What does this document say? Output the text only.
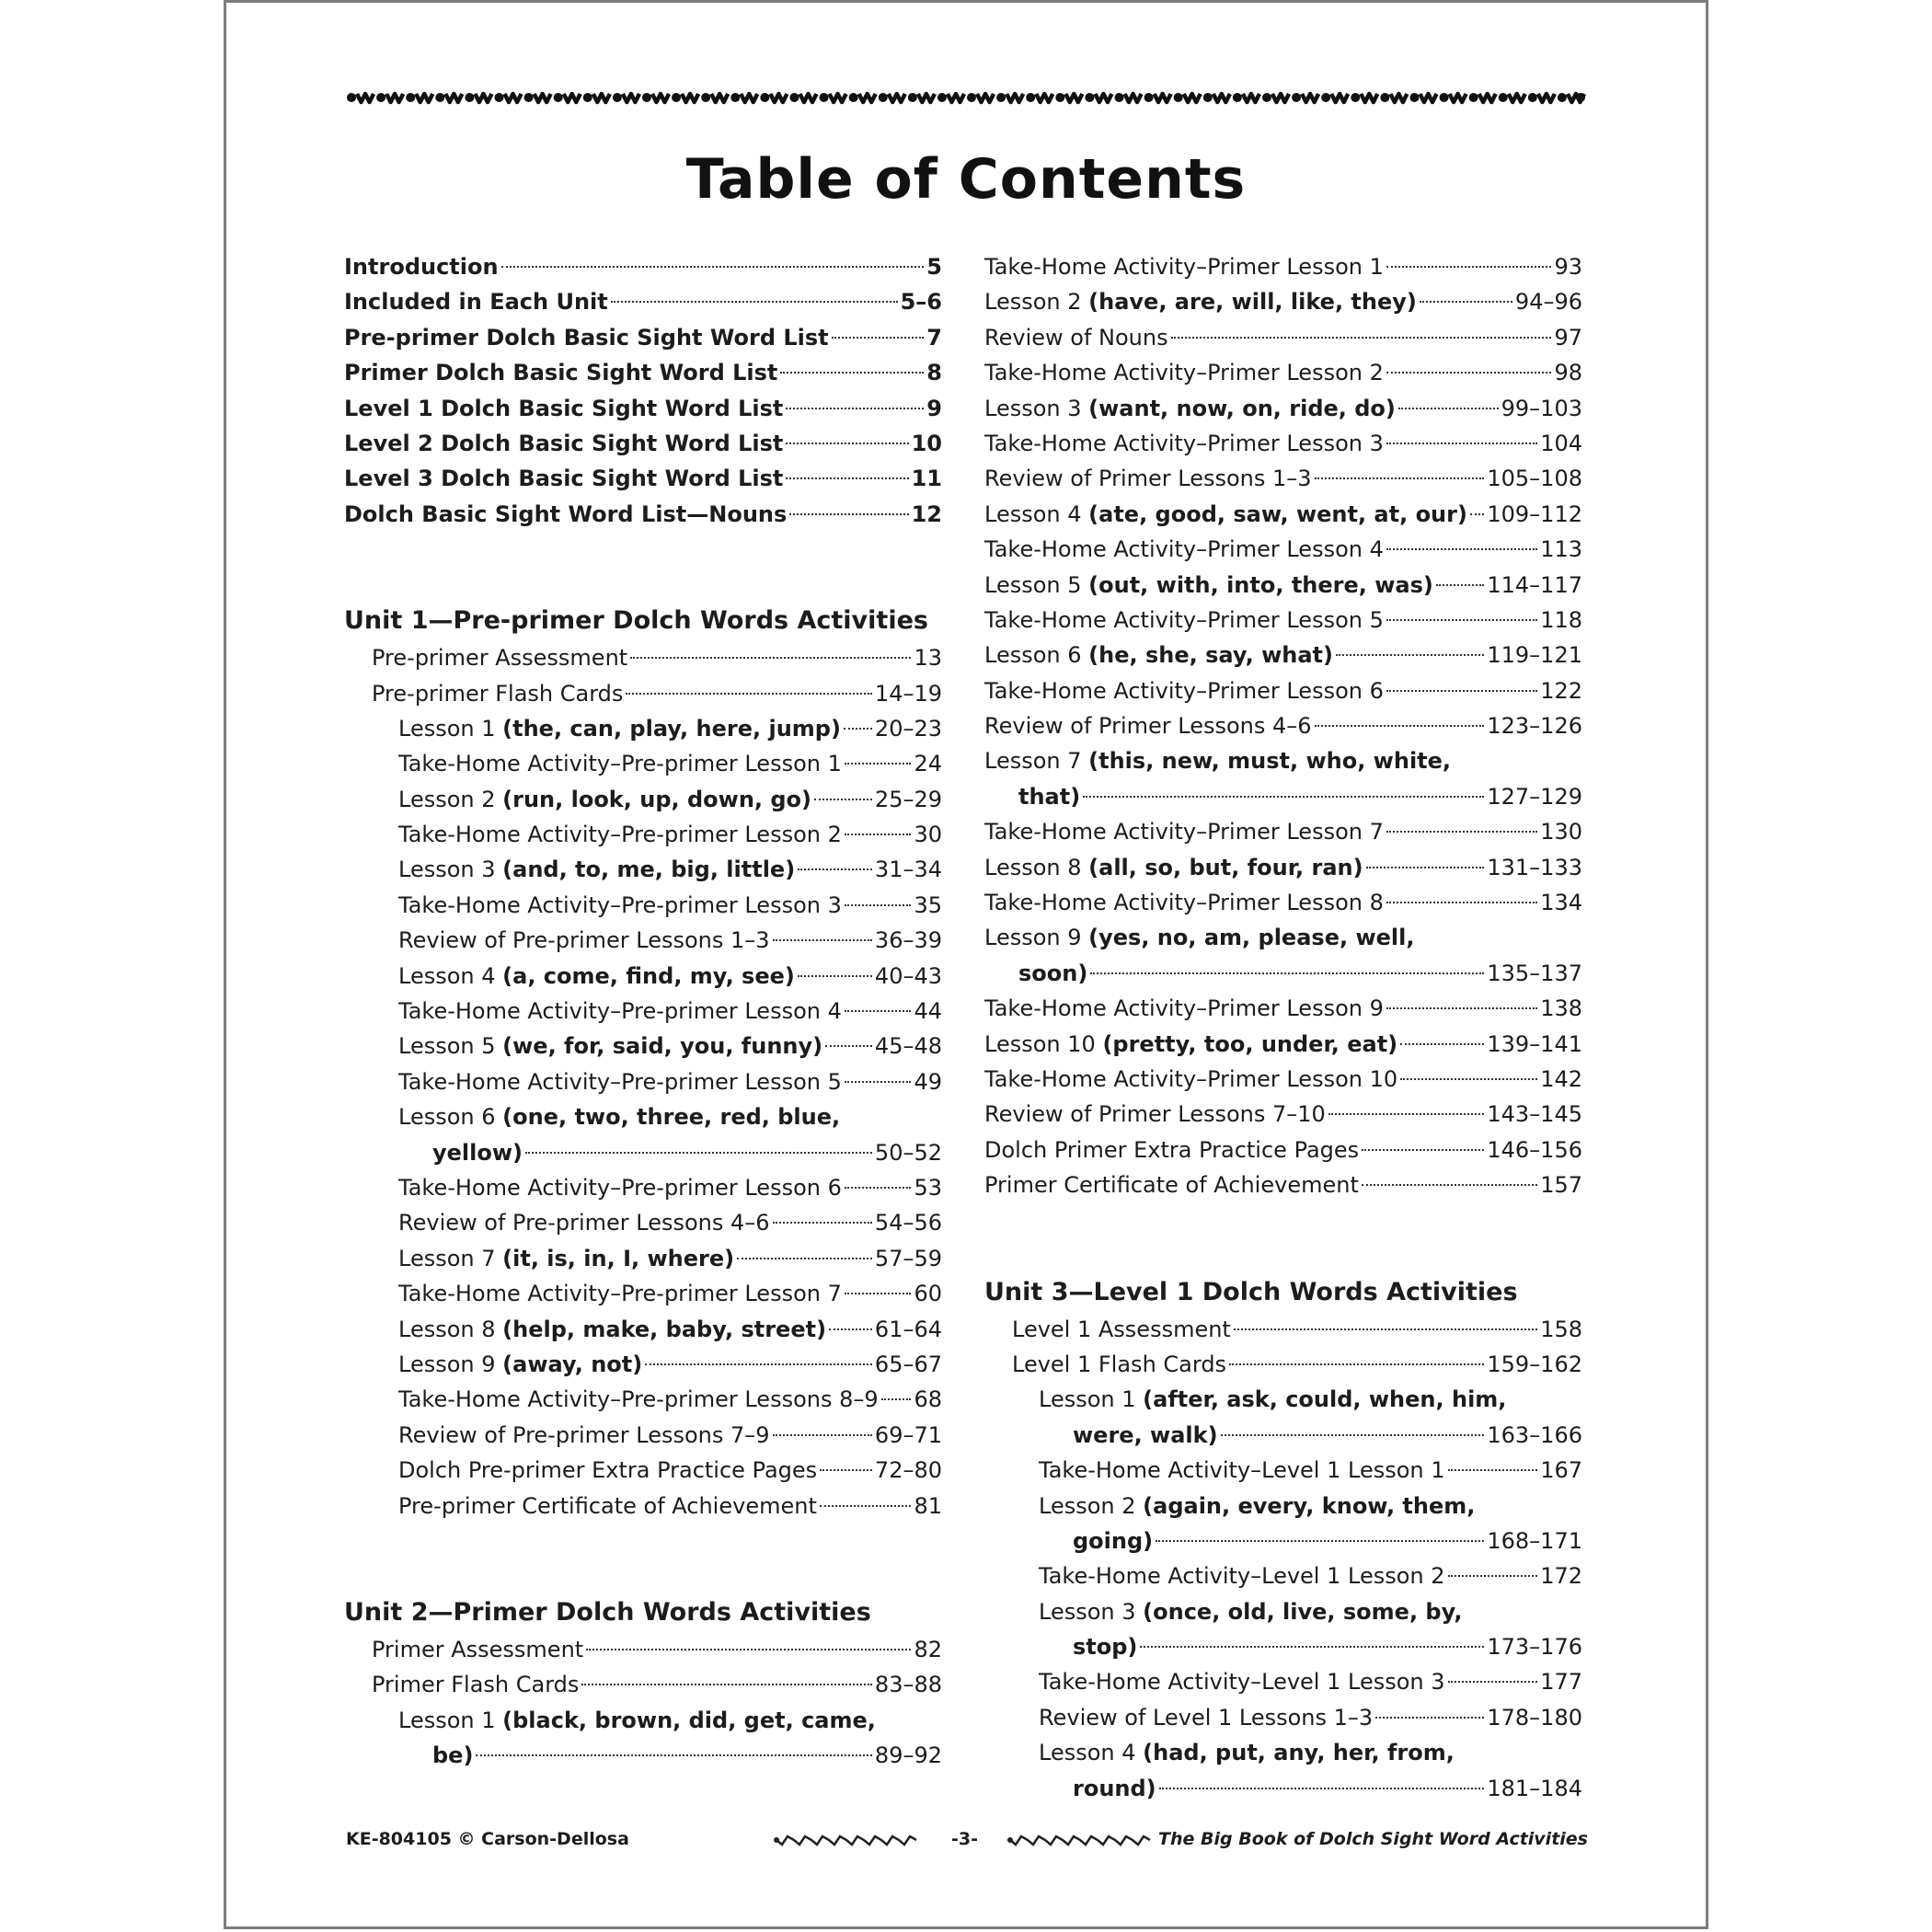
Table of Contents
Introduction	5
Included in Each Unit	5–6
Pre-primer Dolch Basic Sight Word List	7
Primer Dolch Basic Sight Word List	8
Level 1 Dolch Basic Sight Word List	9
Level 2 Dolch Basic Sight Word List	10
Level 3 Dolch Basic Sight Word List	11
Dolch Basic Sight Word List—Nouns	12
Unit 1—Pre-primer Dolch Words Activities
Pre-primer Assessment	13
Pre-primer Flash Cards	14–19
Lesson 1 (the, can, play, here, jump) 20–23
Take-Home Activity–Pre-primer Lesson 1	24
Lesson 2 (run, look, up, down, go)	25–29
Take-Home Activity–Pre-primer Lesson 2	30
Lesson 3 (and, to, me, big, little)	31–34
Take-Home Activity–Pre-primer Lesson 3	35
Review of Pre-primer Lessons 1–3	36–39
Lesson 4 (a, come, find, my, see)	40–43
Take-Home Activity–Pre-primer Lesson 4	44
Lesson 5 (we, for, said, you, funny) 45–48
Take-Home Activity–Pre-primer Lesson 5	49
Lesson 6 (one, two, three, red, blue,
yellow)	50–52
Take-Home Activity–Pre-primer Lesson 6	53
Review of Pre-primer Lessons 4–6	54–56
Lesson 7 (it, is, in, I, where)	57–59
Take-Home Activity–Pre-primer Lesson 7	60
Lesson 8 (help, make, baby, street) 61–64
Lesson 9 (away, not)	65–67
Take-Home Activity–Pre-primer Lessons 8–9 68
Review of Pre-primer Lessons 7–9	69–71
Dolch Pre-primer Extra Practice Pages	72–80
Pre-primer Certificate of Achievement	81
Unit 2—Primer Dolch Words Activities
Primer Assessment	82
Primer Flash Cards	83–88
Lesson 1 (black, brown, did, get, came,
be)	89–92
Take-Home Activity–Primer Lesson 1	93
Lesson 2 (have, are, will, like, they)	94–96
Review of Nouns	97
Take-Home Activity–Primer Lesson 2	98
Lesson 3 (want, now, on, ride, do)	99–103
Take-Home Activity–Primer Lesson 3	104
Review of Primer Lessons 1–3	105–108
Lesson 4 (ate, good, saw, went, at, our) 109–112
Take-Home Activity–Primer Lesson 4	113
Lesson 5 (out, with, into, there, was) 114–117
Take-Home Activity–Primer Lesson 5	118
Lesson 6 (he, she, say, what)	119–121
Take-Home Activity–Primer Lesson 6	122
Review of Primer Lessons 4–6	123–126
Lesson 7 (this, new, must, who, white,
that)	127–129
Take-Home Activity–Primer Lesson 7	130
Lesson 8 (all, so, but, four, ran)	131–133
Take-Home Activity–Primer Lesson 8	134
Lesson 9 (yes, no, am, please, well,
soon)	135–137
Take-Home Activity–Primer Lesson 9	138
Lesson 10 (pretty, too, under, eat)	139–141
Take-Home Activity–Primer Lesson 10	142
Review of Primer Lessons 7–10	143–145
Dolch Primer Extra Practice Pages	146–156
Primer Certificate of Achievement	157
Unit 3—Level 1 Dolch Words Activities
Level 1 Assessment	158
Level 1 Flash Cards	159–162
Lesson 1 (after, ask, could, when, him,
were, walk)	163–166
Take-Home Activity–Level 1 Lesson 1	167
Lesson 2 (again, every, know, them,
going)	168–171
Take-Home Activity–Level 1 Lesson 2	172
Lesson 3 (once, old, live, some, by,
stop)	173–176
Take-Home Activity–Level 1 Lesson 3	177
Review of Level 1 Lessons 1–3	178–180
Lesson 4 (had, put, any, her, from,
round)	181–184
KE-804105 © Carson-Dellosa	-3-	The Big Book of Dolch Sight Word Activities
